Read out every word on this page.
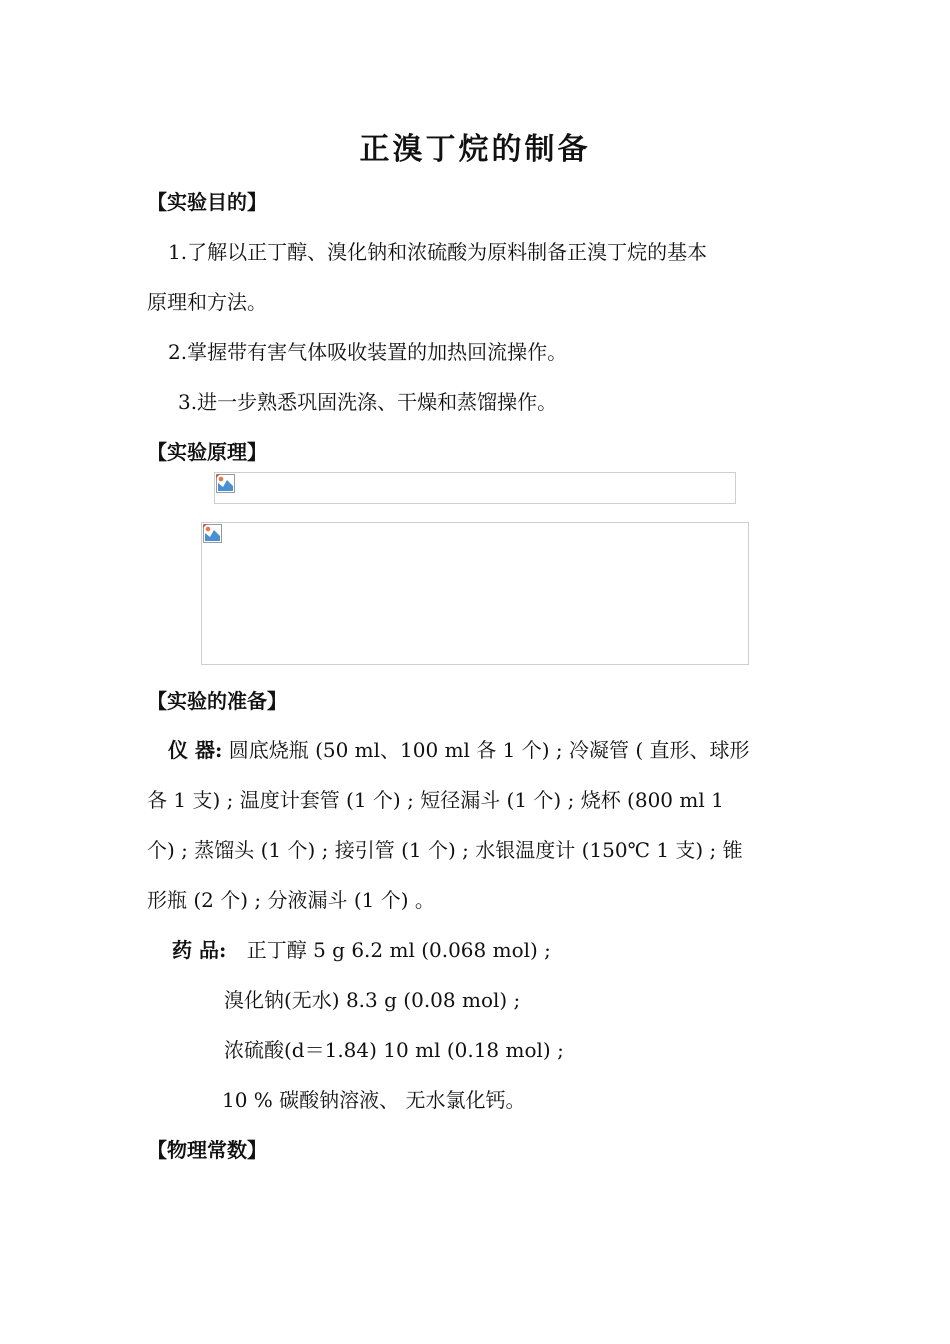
正溴丁烷的制备
【实验目的】
1.了解以正丁醇、溴化钠和浓硫酸为原料制备正溴丁烷的基本
原理和方法。
2.掌握带有害气体吸收装置的加热回流操作。
3.进一步熟悉巩固洗涤、干燥和蒸馏操作。
【实验原理】
【实验的准备】
仪 器: 圆底烧瓶 (50 ml、100 ml 各 1 个) ; 冷凝管 ( 直形、球形
各 1 支) ; 温度计套管 (1 个) ; 短径漏斗 (1 个) ; 烧杯 (800 ml 1
个) ; 蒸馏头 (1 个) ; 接引管 (1 个) ; 水银温度计 (150℃ 1 支) ; 锥
形瓶 (2 个) ; 分液漏斗 (1 个) 。
药 品: 正丁醇 5 g 6.2 ml (0.068 mol) ;
溴化钠(无水) 8.3 g (0.08 mol) ;
浓硫酸(d＝1.84) 10 ml (0.18 mol) ;
10 % 碳酸钠溶液、 无水氯化钙。
【物理常数】
